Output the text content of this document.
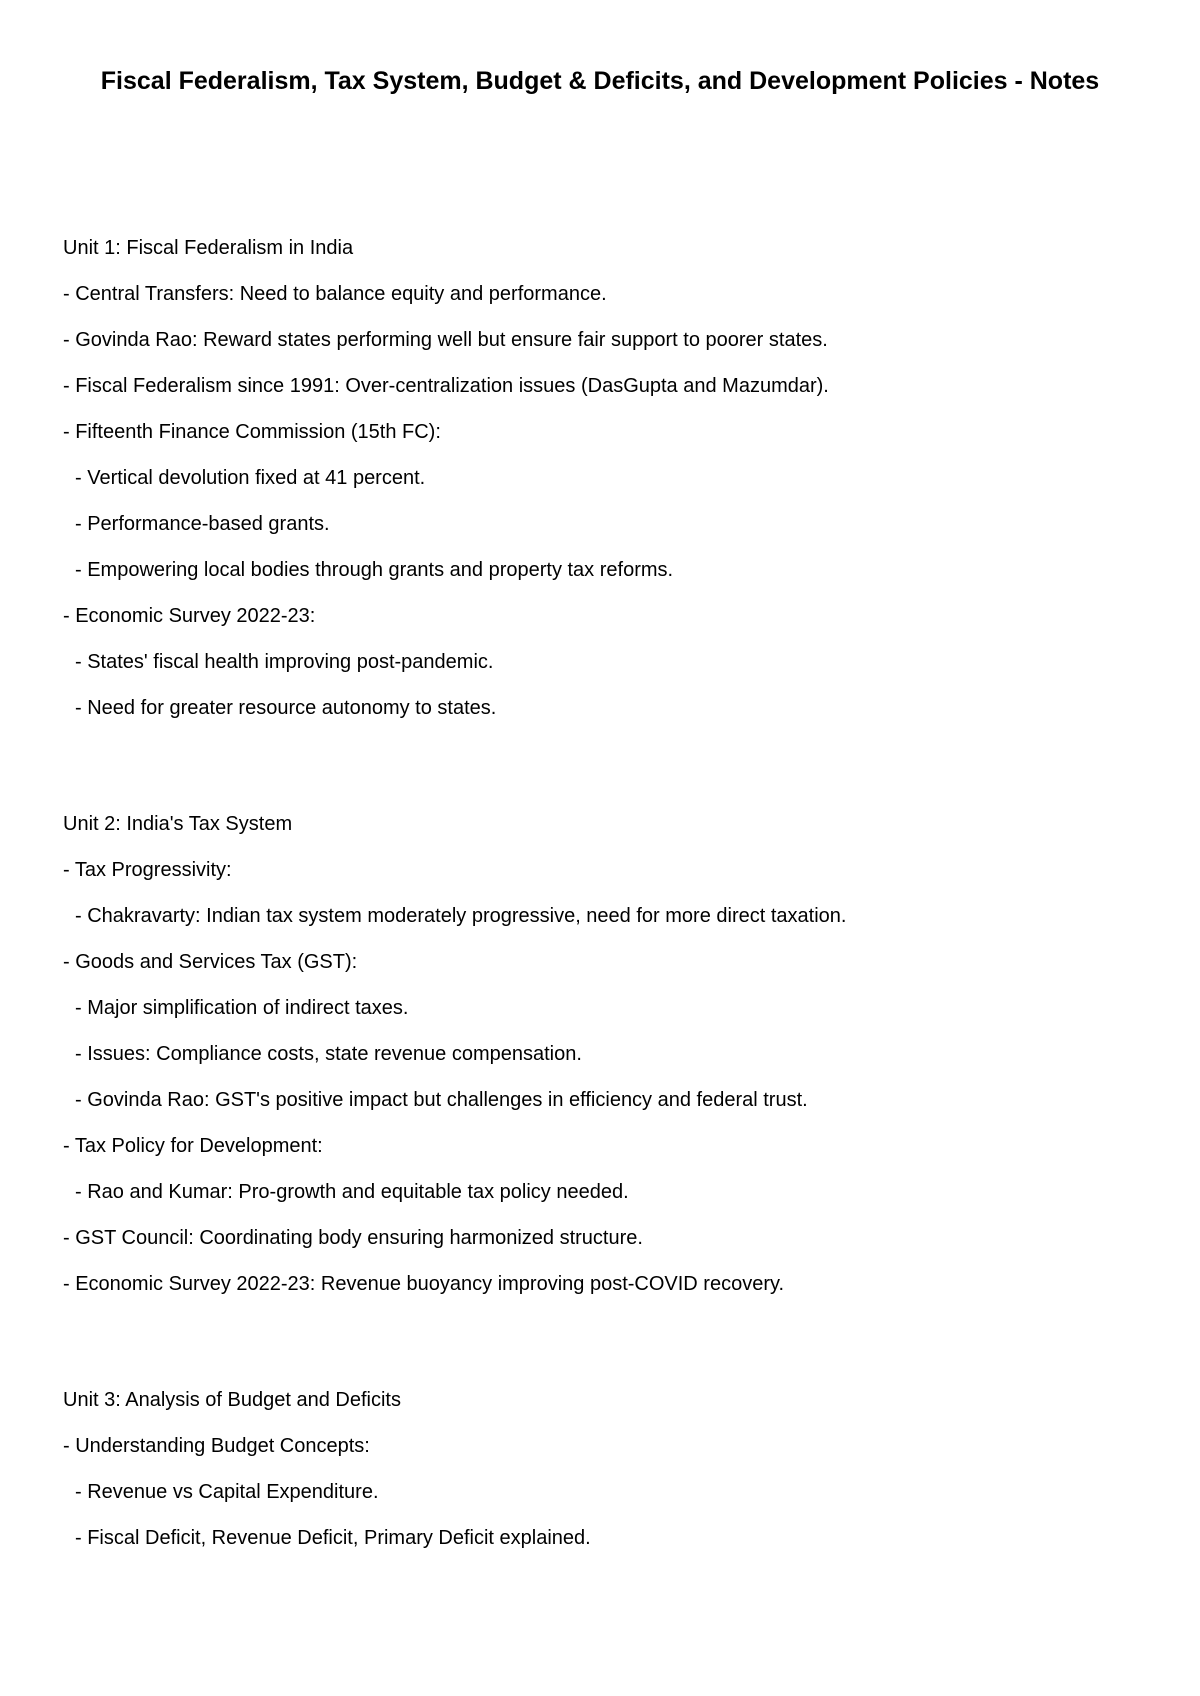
Fiscal Federalism, Tax System, Budget & Deficits, and Development Policies - Notes

Unit 1: Fiscal Federalism in India

- Central Transfers: Need to balance equity and performance.

- Govinda Rao: Reward states performing well but ensure fair support to poorer states.

- Fiscal Federalism since 1991: Over-centralization issues (DasGupta and Mazumdar).

- Fifteenth Finance Commission (15th FC):

- Vertical devolution fixed at 41 percent.

- Performance-based grants.

- Empowering local bodies through grants and property tax reforms.

- Economic Survey 2022-23:

- States' fiscal health improving post-pandemic.

- Need for greater resource autonomy to states.

Unit 2: India's Tax System

- Tax Progressivity:

- Chakravarty: Indian tax system moderately progressive, need for more direct taxation.

- Goods and Services Tax (GST):

- Major simplification of indirect taxes.

- Issues: Compliance costs, state revenue compensation.

- Govinda Rao: GST's positive impact but challenges in efficiency and federal trust.

- Tax Policy for Development:

- Rao and Kumar: Pro-growth and equitable tax policy needed.

- GST Council: Coordinating body ensuring harmonized structure.

- Economic Survey 2022-23: Revenue buoyancy improving post-COVID recovery.

Unit 3: Analysis of Budget and Deficits

- Understanding Budget Concepts:

- Revenue vs Capital Expenditure.

- Fiscal Deficit, Revenue Deficit, Primary Deficit explained.
